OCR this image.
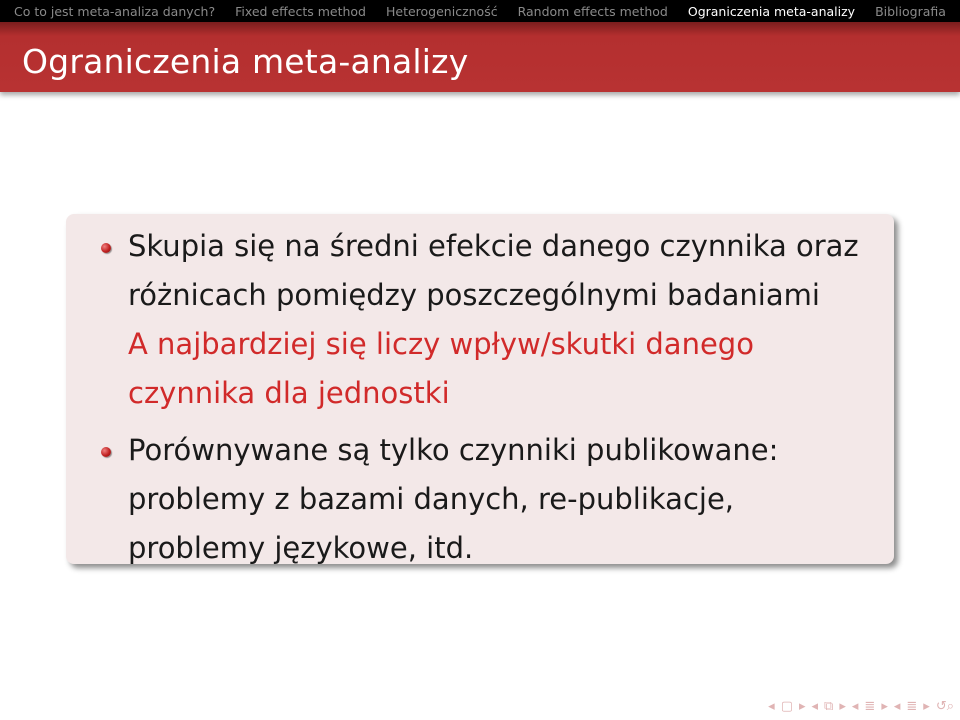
Co to jest meta-analiza danych? Fixed effects method Heterogeniczność Random effects method Ograniczenia meta-analizy Bibliografia
Ograniczenia meta-analizy

Skupia się na średni efekcie danego czynnika oraz

różnicach pomiędzy poszczególnymi badaniami

A najbardziej się liczy wpływ/skutki danego

czynnika dla jednostki

Porównywane są tylko czynniki publikowane:

problemy z bazami danych, re-publikacje,

problemy językowe, itd.

◂ ▢ ▸ ◂ ⧉ ▸ ◂ ≣ ▸ ◂ ≣ ▸ ↺⌕
